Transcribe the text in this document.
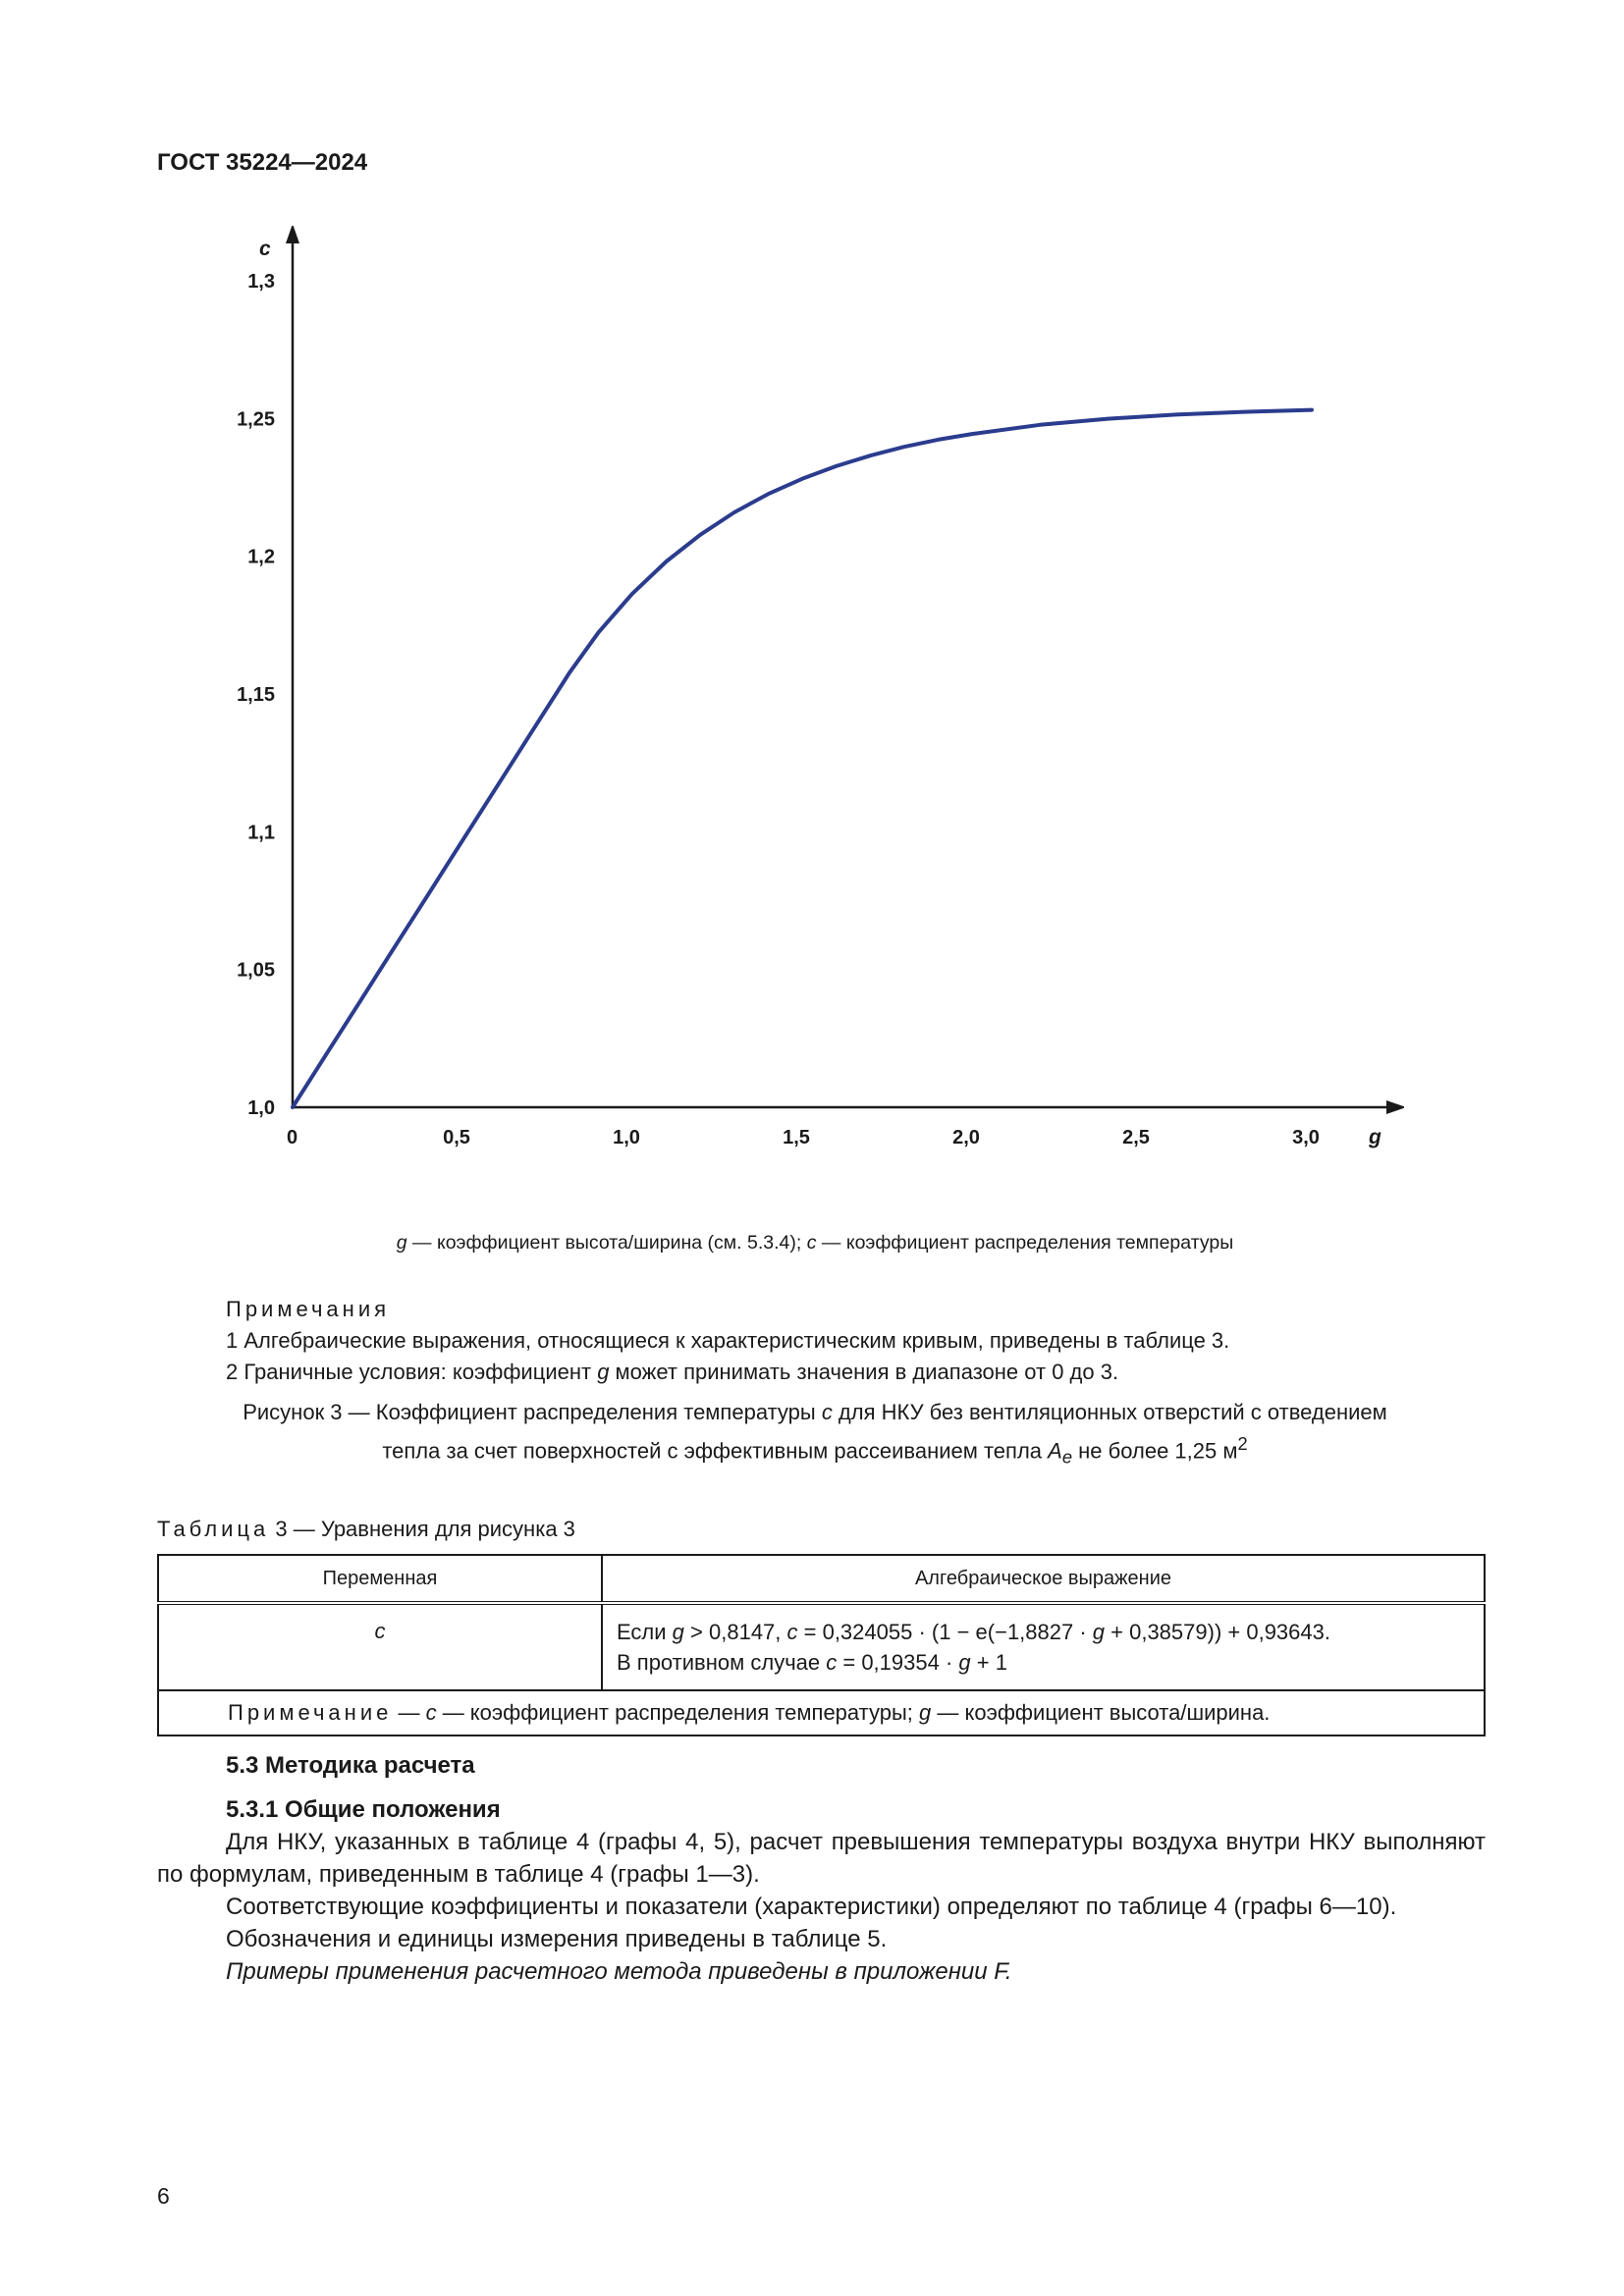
ГОСТ 35224—2024
1,0
1,05
1,1
1,15
1,2
1,25
1,3
0	0,5	1,0	1,5	2,0	2,5	3,0
c
g
g — коэффициент высота/ширина (см. 5.3.4); c — коэффициент распределения температуры
Примечания
1 Алгебраические выражения, относящиеся к характеристическим кривым, приведены в таблице 3.
2 Граничные условия: коэффициент g может принимать значения в диапазоне от 0 до 3.
Рисунок 3 — Коэффициент распределения температуры c для НКУ без вентиляционных отверстий с отведением
тепла за счет поверхностей с эффективным рассеиванием тепла $A_e$ не более 1,25 $м^2$
Таблица 3 — Уравнения для рисунка 3
Переменная	Алгебраическое выражение
c	Если g > 0,8147, c = 0,324055 · (1 − e(−1,8827 · g + 0,38579)) + 0,93643.
В противном случае c = 0,19354 · g + 1

Примечание — c — коэффициент распределения температуры; g — коэффициент высота/ширина.	
5.3 Методика расчета
5.3.1 Общие положения

Для НКУ, указанных в таблице 4 (графы 4, 5), расчет превышения температуры воздуха внутри НКУ выполняют по формулам, приведенным в таблице 4 (графы 1—3).

Соответствующие коэффициенты и показатели (характеристики) определяют по таблице 4 (графы 6—10).

Обозначения и единицы измерения приведены в таблице 5.

Примеры применения расчетного метода приведены в приложении F.

6
